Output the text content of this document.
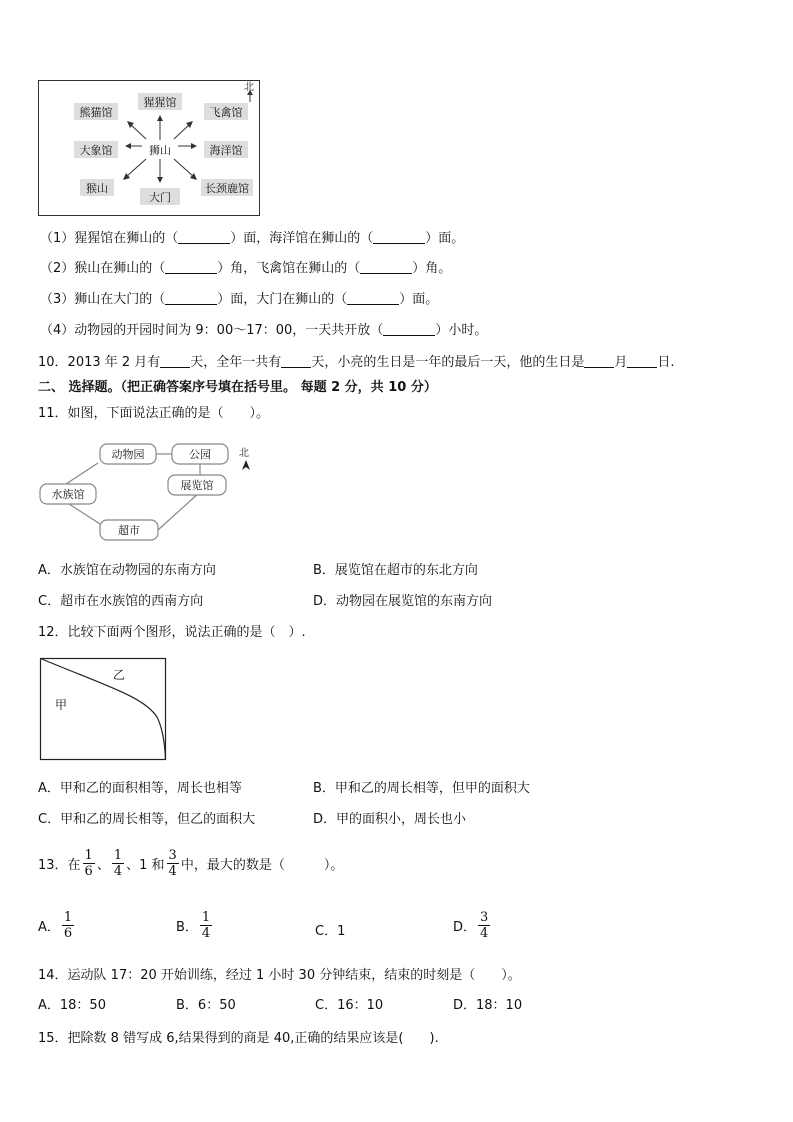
北
熊猫馆
猩猩馆
飞禽馆
大象馆	狮山	海洋馆
猴山
大门
长颈鹿馆
（1）猩猩馆在狮山的（	）面，海洋馆在狮山的（	）面。
（2）猴山在狮山的（	）角，飞禽馆在狮山的（	）角。
（3）狮山在大门的（	）面，大门在狮山的（	）面。
（4）动物园的开园时间为 9：00～17：00，一天共开放（	）小时。
10．2013 年 2 月有 天，全年一共有 天，小亮的生日是一年的最后一天，他的生日是 月 日.
二、 选择题。（把正确答案序号填在括号里。 每题 2 分，共 10 分）
11．如图，下面说法正确的是（　　）。
动物园	公园
展览馆
水族馆
超市
北
A．水族馆在动物园的东南方向	B．展览馆在超市的东北方向
C．超市在水族馆的西南方向	D．动物园在展览馆的东南方向
12．比较下面两个图形，说法正确的是（　）.
甲
乙
A．甲和乙的面积相等，周长也相等	B．甲和乙的周长相等，但甲的面积大
C．甲和乙的周长相等，但乙的面积大	D．甲的面积小，周长也小
13．在 $\frac{1}{6}$ 、 $\frac{1}{4}$ 、1 和 $\frac{3}{4}$ 中，最大的数是（　　　）。
A． $\frac{1}{6}$	B． $\frac{1}{4}$	C．1	D． $\frac{3}{4}$
14．运动队 17：20 开始训练，经过 1 小时 30 分钟结束，结束的时刻是（　　）。
A．18：50	B．6：50	C．16：10	D．18：10
15．把除数 8 错写成 6,结果得到的商是 40,正确的结果应该是(　　).
